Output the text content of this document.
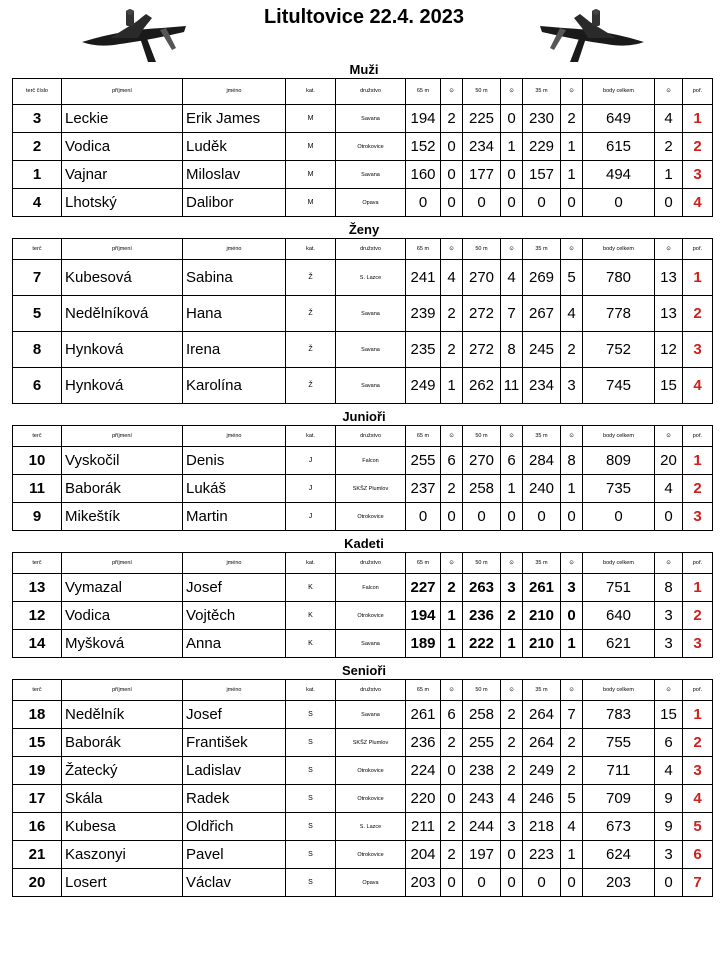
Litultovice 22.4. 2023
Muži
terč číslo	příjmení	jméno	kat.	družstvo	65 m	⊙	50 m	⊙	35 m	⊙	body celkem	⊙	poř.
3	Leckie	Erik James	M	Savana	194	2	225	0	230	2	649	4	1
2	Vodica	Luděk	M	Otrokovice	152	0	234	1	229	1	615	2	2
1	Vajnar	Miloslav	M	Savana	160	0	177	0	157	1	494	1	3
4	Lhotský	Dalibor	M	Opava	0	0	0	0	0	0	0	0	4
Ženy
terč	příjmení	jméno	kat.	družstvo	65 m	⊙	50 m	⊙	35 m	⊙	body celkem	⊙	poř.
7	Kubesová	Sabina	Ž	S. Lazce	241	4	270	4	269	5	780	13	1
5	Nedělníková	Hana	Ž	Savana	239	2	272	7	267	4	778	13	2
8	Hynková	Irena	Ž	Savana	235	2	272	8	245	2	752	12	3
6	Hynková	Karolína	Ž	Savana	249	1	262	11	234	3	745	15	4
Junioři
terč	příjmení	jméno	kat.	družstvo	65 m	⊙	50 m	⊙	35 m	⊙	body celkem	⊙	poř.
10	Vyskočil	Denis	J	Falcon	255	6	270	6	284	8	809	20	1
11	Baborák	Lukáš	J	SKŠZ Plumlov	237	2	258	1	240	1	735	4	2
9	Mikeštík	Martin	J	Otrokovice	0	0	0	0	0	0	0	0	3
Kadeti
terč	příjmení	jméno	kat.	družstvo	65 m	⊙	50 m	⊙	35 m	⊙	body celkem	⊙	poř.
13	Vymazal	Josef	K	Falcon	227	2	263	3	261	3	751	8	1
12	Vodica	Vojtěch	K	Otrokovice	194	1	236	2	210	0	640	3	2
14	Myšková	Anna	K	Savana	189	1	222	1	210	1	621	3	3
Senioři
terč	příjmení	jméno	kat.	družstvo	65 m	⊙	50 m	⊙	35 m	⊙	body celkem	⊙	poř.
18	Nedělník	Josef	S	Savana	261	6	258	2	264	7	783	15	1
15	Baborák	František	S	SKŠZ Plumlov	236	2	255	2	264	2	755	6	2
19	Žatecký	Ladislav	S	Otrokovice	224	0	238	2	249	2	711	4	3
17	Skála	Radek	S	Otrokovice	220	0	243	4	246	5	709	9	4
16	Kubesa	Oldřich	S	S. Lazce	211	2	244	3	218	4	673	9	5
21	Kaszonyi	Pavel	S	Otrokovice	204	2	197	0	223	1	624	3	6
20	Losert	Václav	S	Opava	203	0	0	0	0	0	203	0	7
